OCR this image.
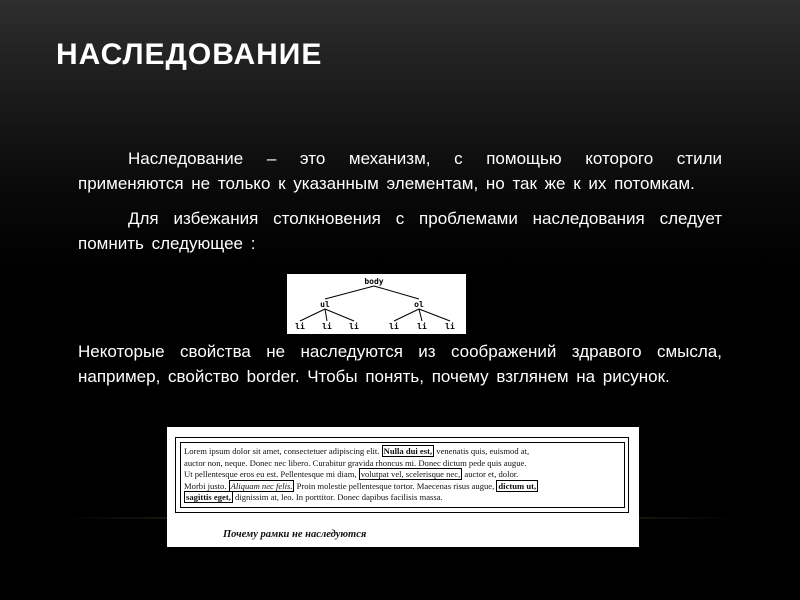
НАСЛЕДОВАНИЕ
Наследование – это механизм, с помощью которого стили применяются не только к указанным элементам, но так же к их потомкам.
Для избежания столкновения с проблемами наследования следует помнить следующее :
body
ul	ol
li li li	li li li
Некоторые свойства не наследуются из соображений здравого смысла, например, свойство border. Чтобы понять, почему взглянем на рисунок.
Lorem ipsum dolor sit amet, consectetuer adipiscing elit. Nulla dui est, venenatis quis, euismod at,
auctor non, neque. Donec nec libero. Curabitur gravida rhoncus mi. Donec dictum pede quis augue.
Ut pellentesque eros eu est. Pellentesque mi diam, volutpat vel, scelerisque nec, auctor et, dolor.
Morbi justo. Aliquam nec felis. Proin molestie pellentesque tortor. Maecenas risus augue, dictum ut,
sagittis eget, dignissim at, leo. In porttitor. Donec dapibus facilisis massa.
Почему рамки не наследуются
